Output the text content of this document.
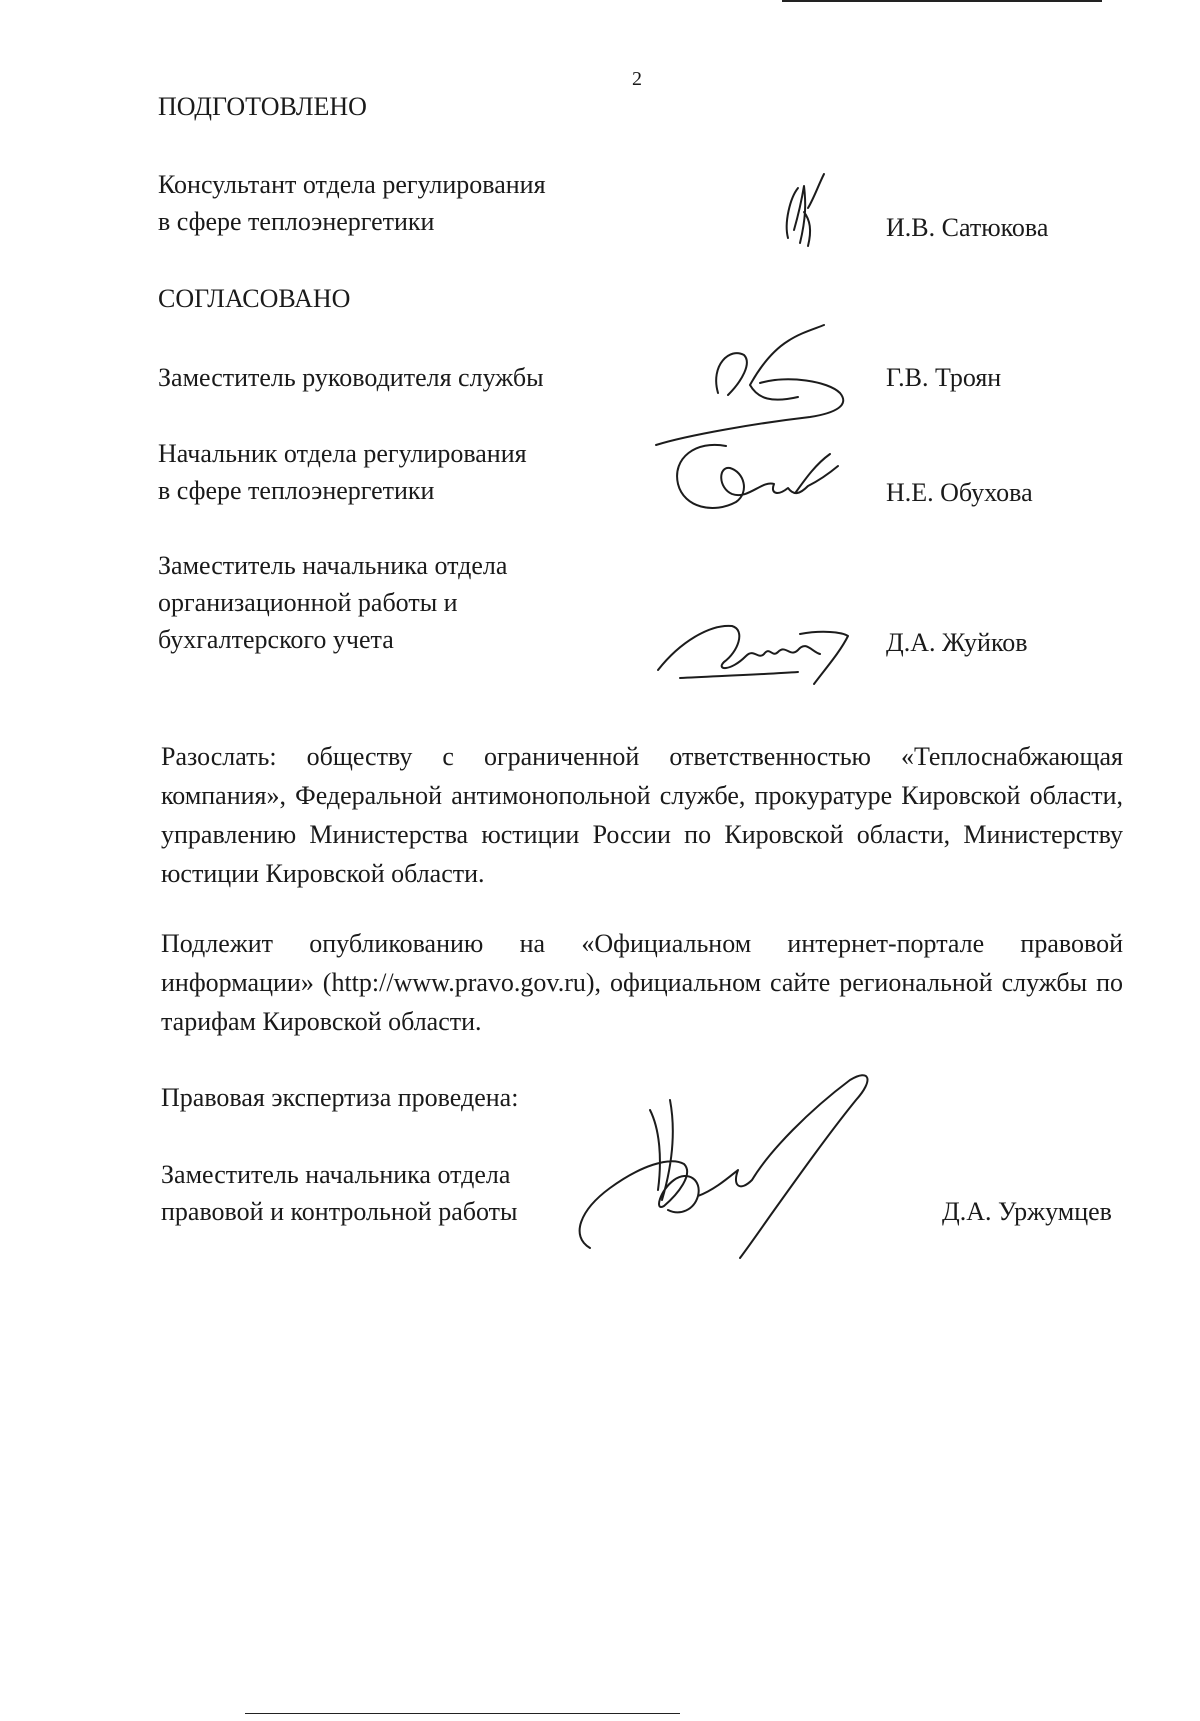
2
ПОДГОТОВЛЕНО
Консультант отдела регулирования
в сфере теплоэнергетики	И.В. Сатюкова
СОГЛАСОВАНО
Заместитель руководителя службы	Г.В. Троян
Начальник отдела регулирования
в сфере теплоэнергетики	Н.Е. Обухова
Заместитель начальника отдела
организационной работы и
бухгалтерского учета	Д.А. Жуйков
Разослать: обществу с ограниченной ответственностью «Теплоснабжающая компания», Федеральной антимонопольной службе, прокуратуре Кировской области, управлению Министерства юстиции России по Кировской области, Министерству юстиции Кировской области.
Подлежит опубликованию на «Официальном интернет-портале правовой информации» (http://www.pravo.gov.ru), официальном сайте региональной службы по тарифам Кировской области.
Правовая экспертиза проведена:
Заместитель начальника отдела
правовой и контрольной работы	Д.А. Уржумцев
